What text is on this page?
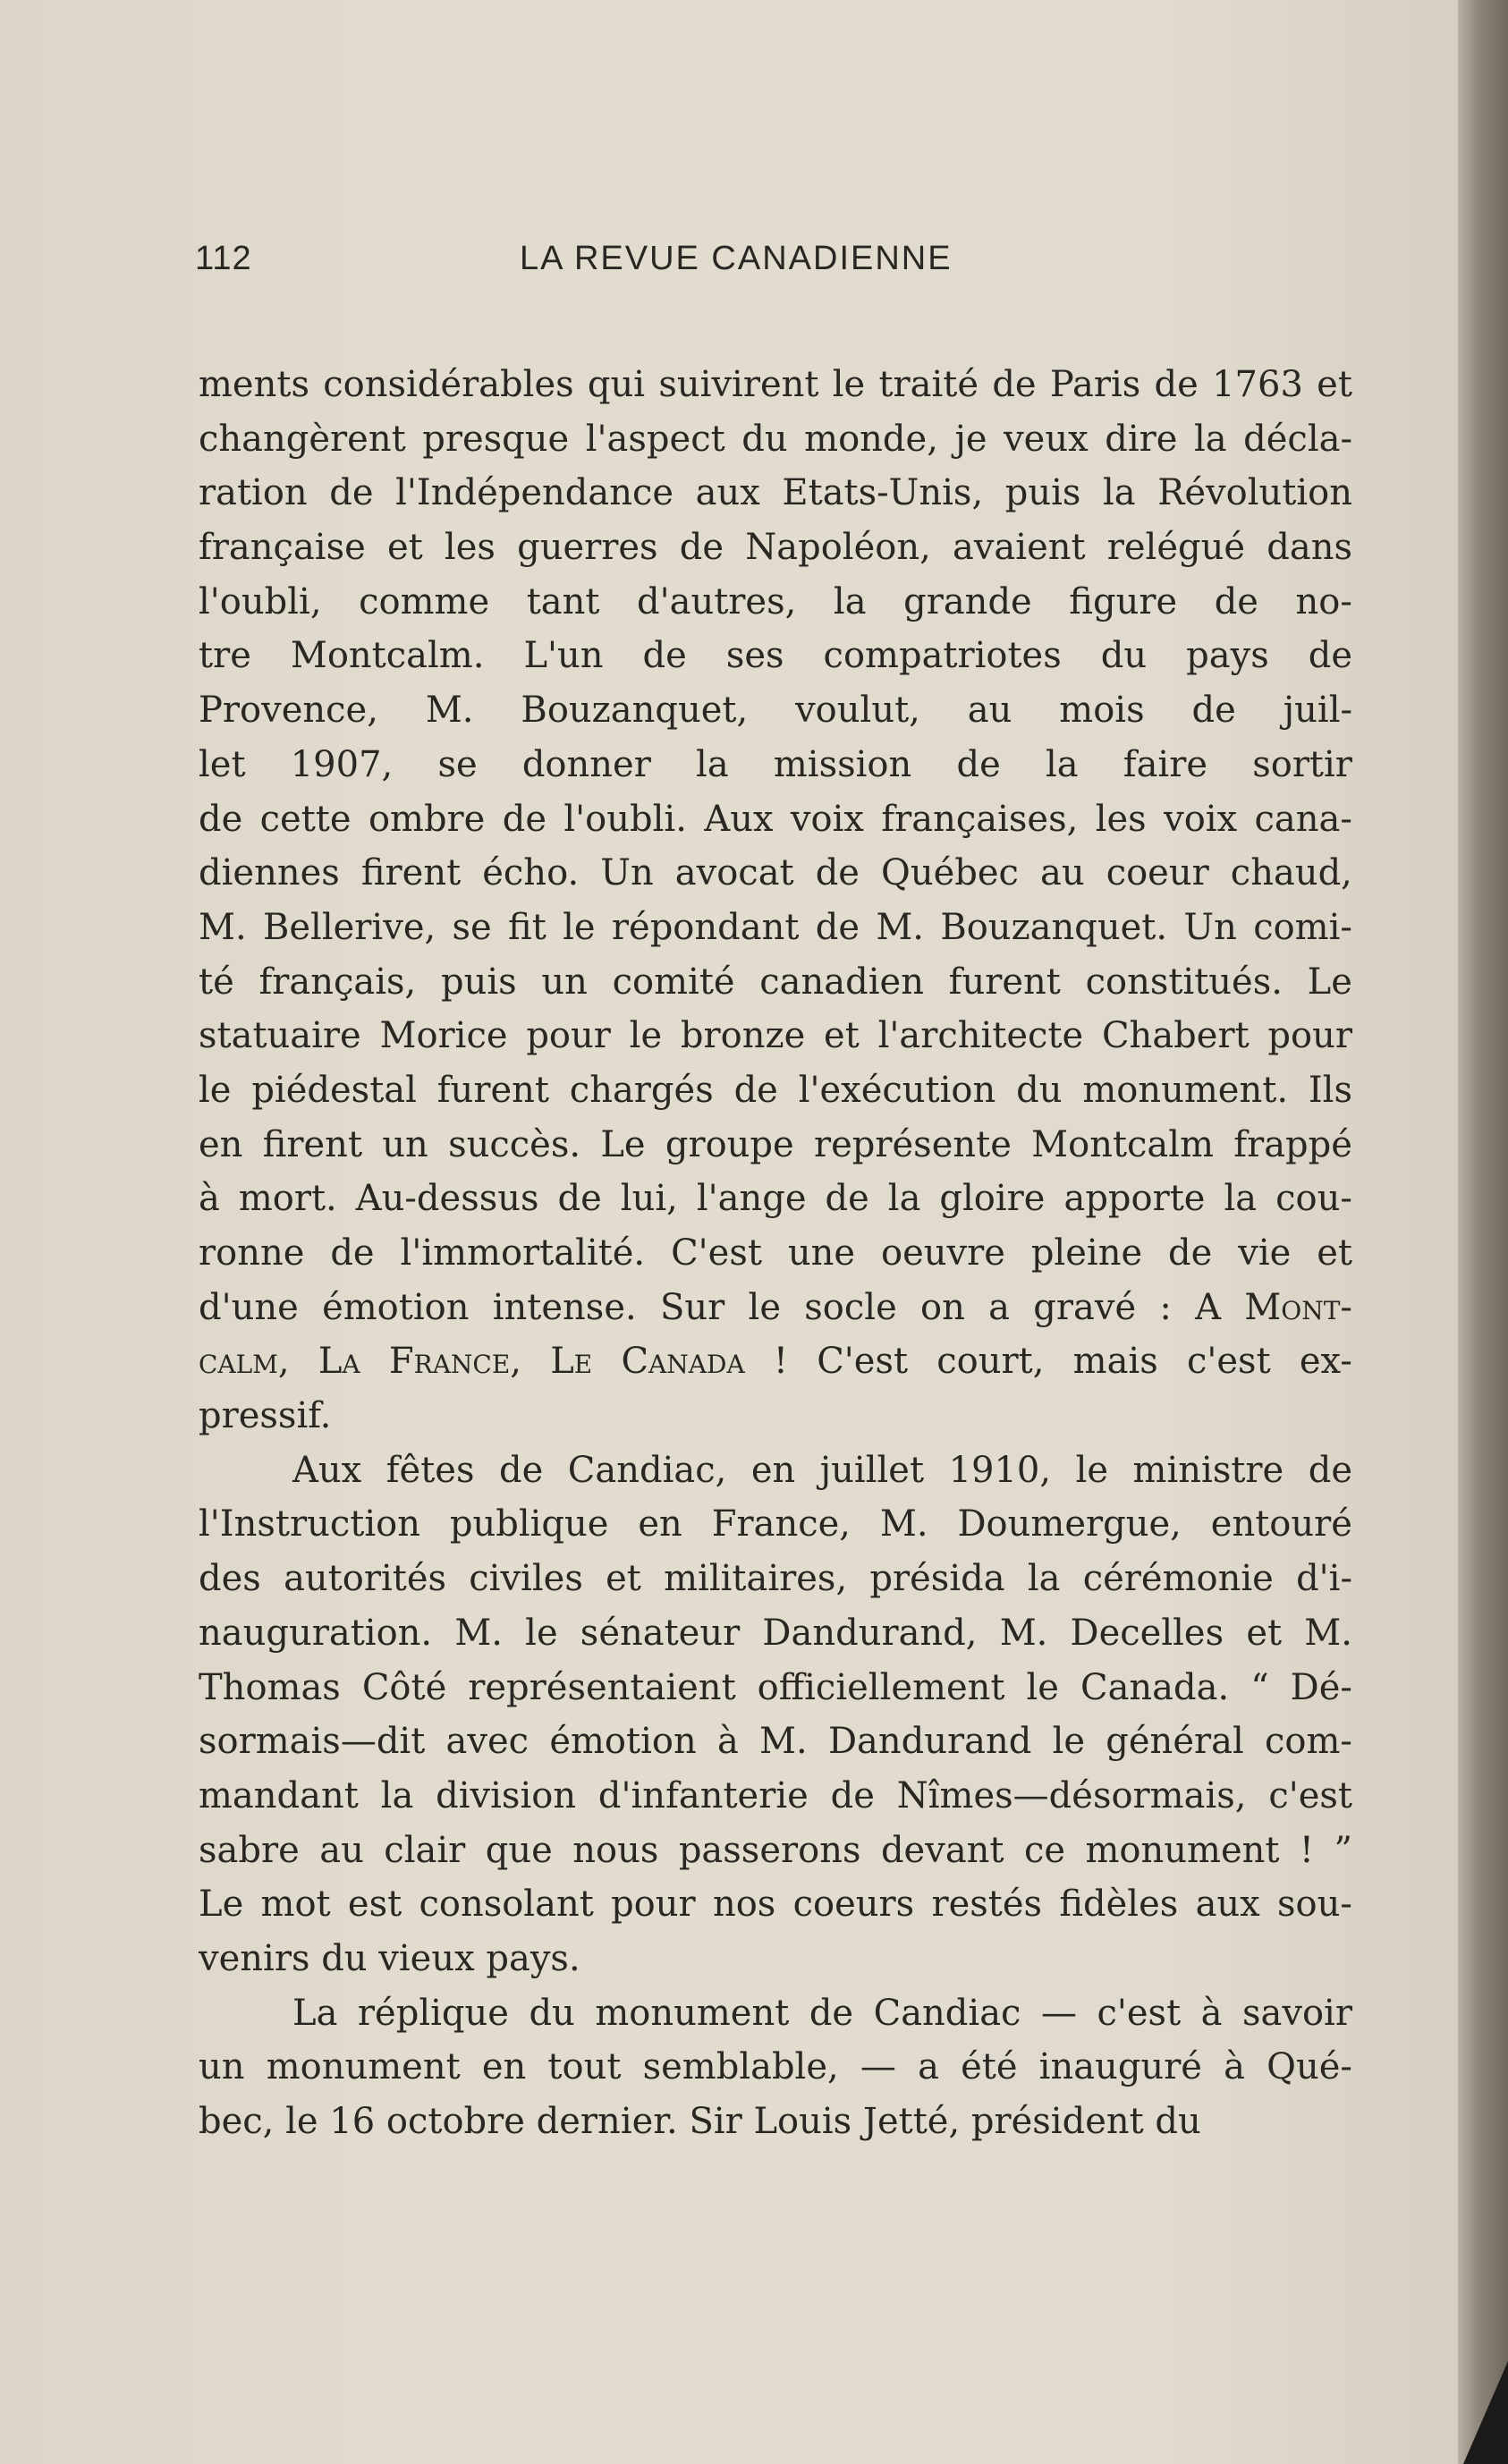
112	LA REVUE CANADIENNE
ments considérables qui suivirent le traité de Paris de 1763 et
changèrent presque l'aspect du monde, je veux dire la décla-
ration de l'Indépendance aux Etats-Unis, puis la Révolution
française et les guerres de Napoléon, avaient relégué dans
l'oubli, comme tant d'autres, la grande figure de no-
tre Montcalm. L'un de ses compatriotes du pays de
Provence, M. Bouzanquet, voulut, au mois de juil-
let 1907, se donner la mission de la faire sortir
de cette ombre de l'oubli. Aux voix françaises, les voix cana-
diennes firent écho. Un avocat de Québec au coeur chaud,
M. Bellerive, se fit le répondant de M. Bouzanquet. Un comi-
té français, puis un comité canadien furent constitués. Le
statuaire Morice pour le bronze et l'architecte Chabert pour
le piédestal furent chargés de l'exécution du monument. Ils
en firent un succès. Le groupe représente Montcalm frappé
à mort. Au-dessus de lui, l'ange de la gloire apporte la cou-
ronne de l'immortalité. C'est une oeuvre pleine de vie et
d'une émotion intense. Sur le socle on a gravé : A Mont-
calm, La France, Le Canada ! C'est court, mais c'est ex-
pressif.
Aux fêtes de Candiac, en juillet 1910, le ministre de
l'Instruction publique en France, M. Doumergue, entouré
des autorités civiles et militaires, présida la cérémonie d'i-
nauguration. M. le sénateur Dandurand, M. Decelles et M.
Thomas Côté représentaient officiellement le Canada. “ Dé-
sormais—dit avec émotion à M. Dandurand le général com-
mandant la division d'infanterie de Nîmes—désormais, c'est
sabre au clair que nous passerons devant ce monument ! ”
Le mot est consolant pour nos coeurs restés fidèles aux sou-
venirs du vieux pays.
La réplique du monument de Candiac — c'est à savoir
un monument en tout semblable, — a été inauguré à Qué-
bec, le 16 octobre dernier. Sir Louis Jetté, président du
